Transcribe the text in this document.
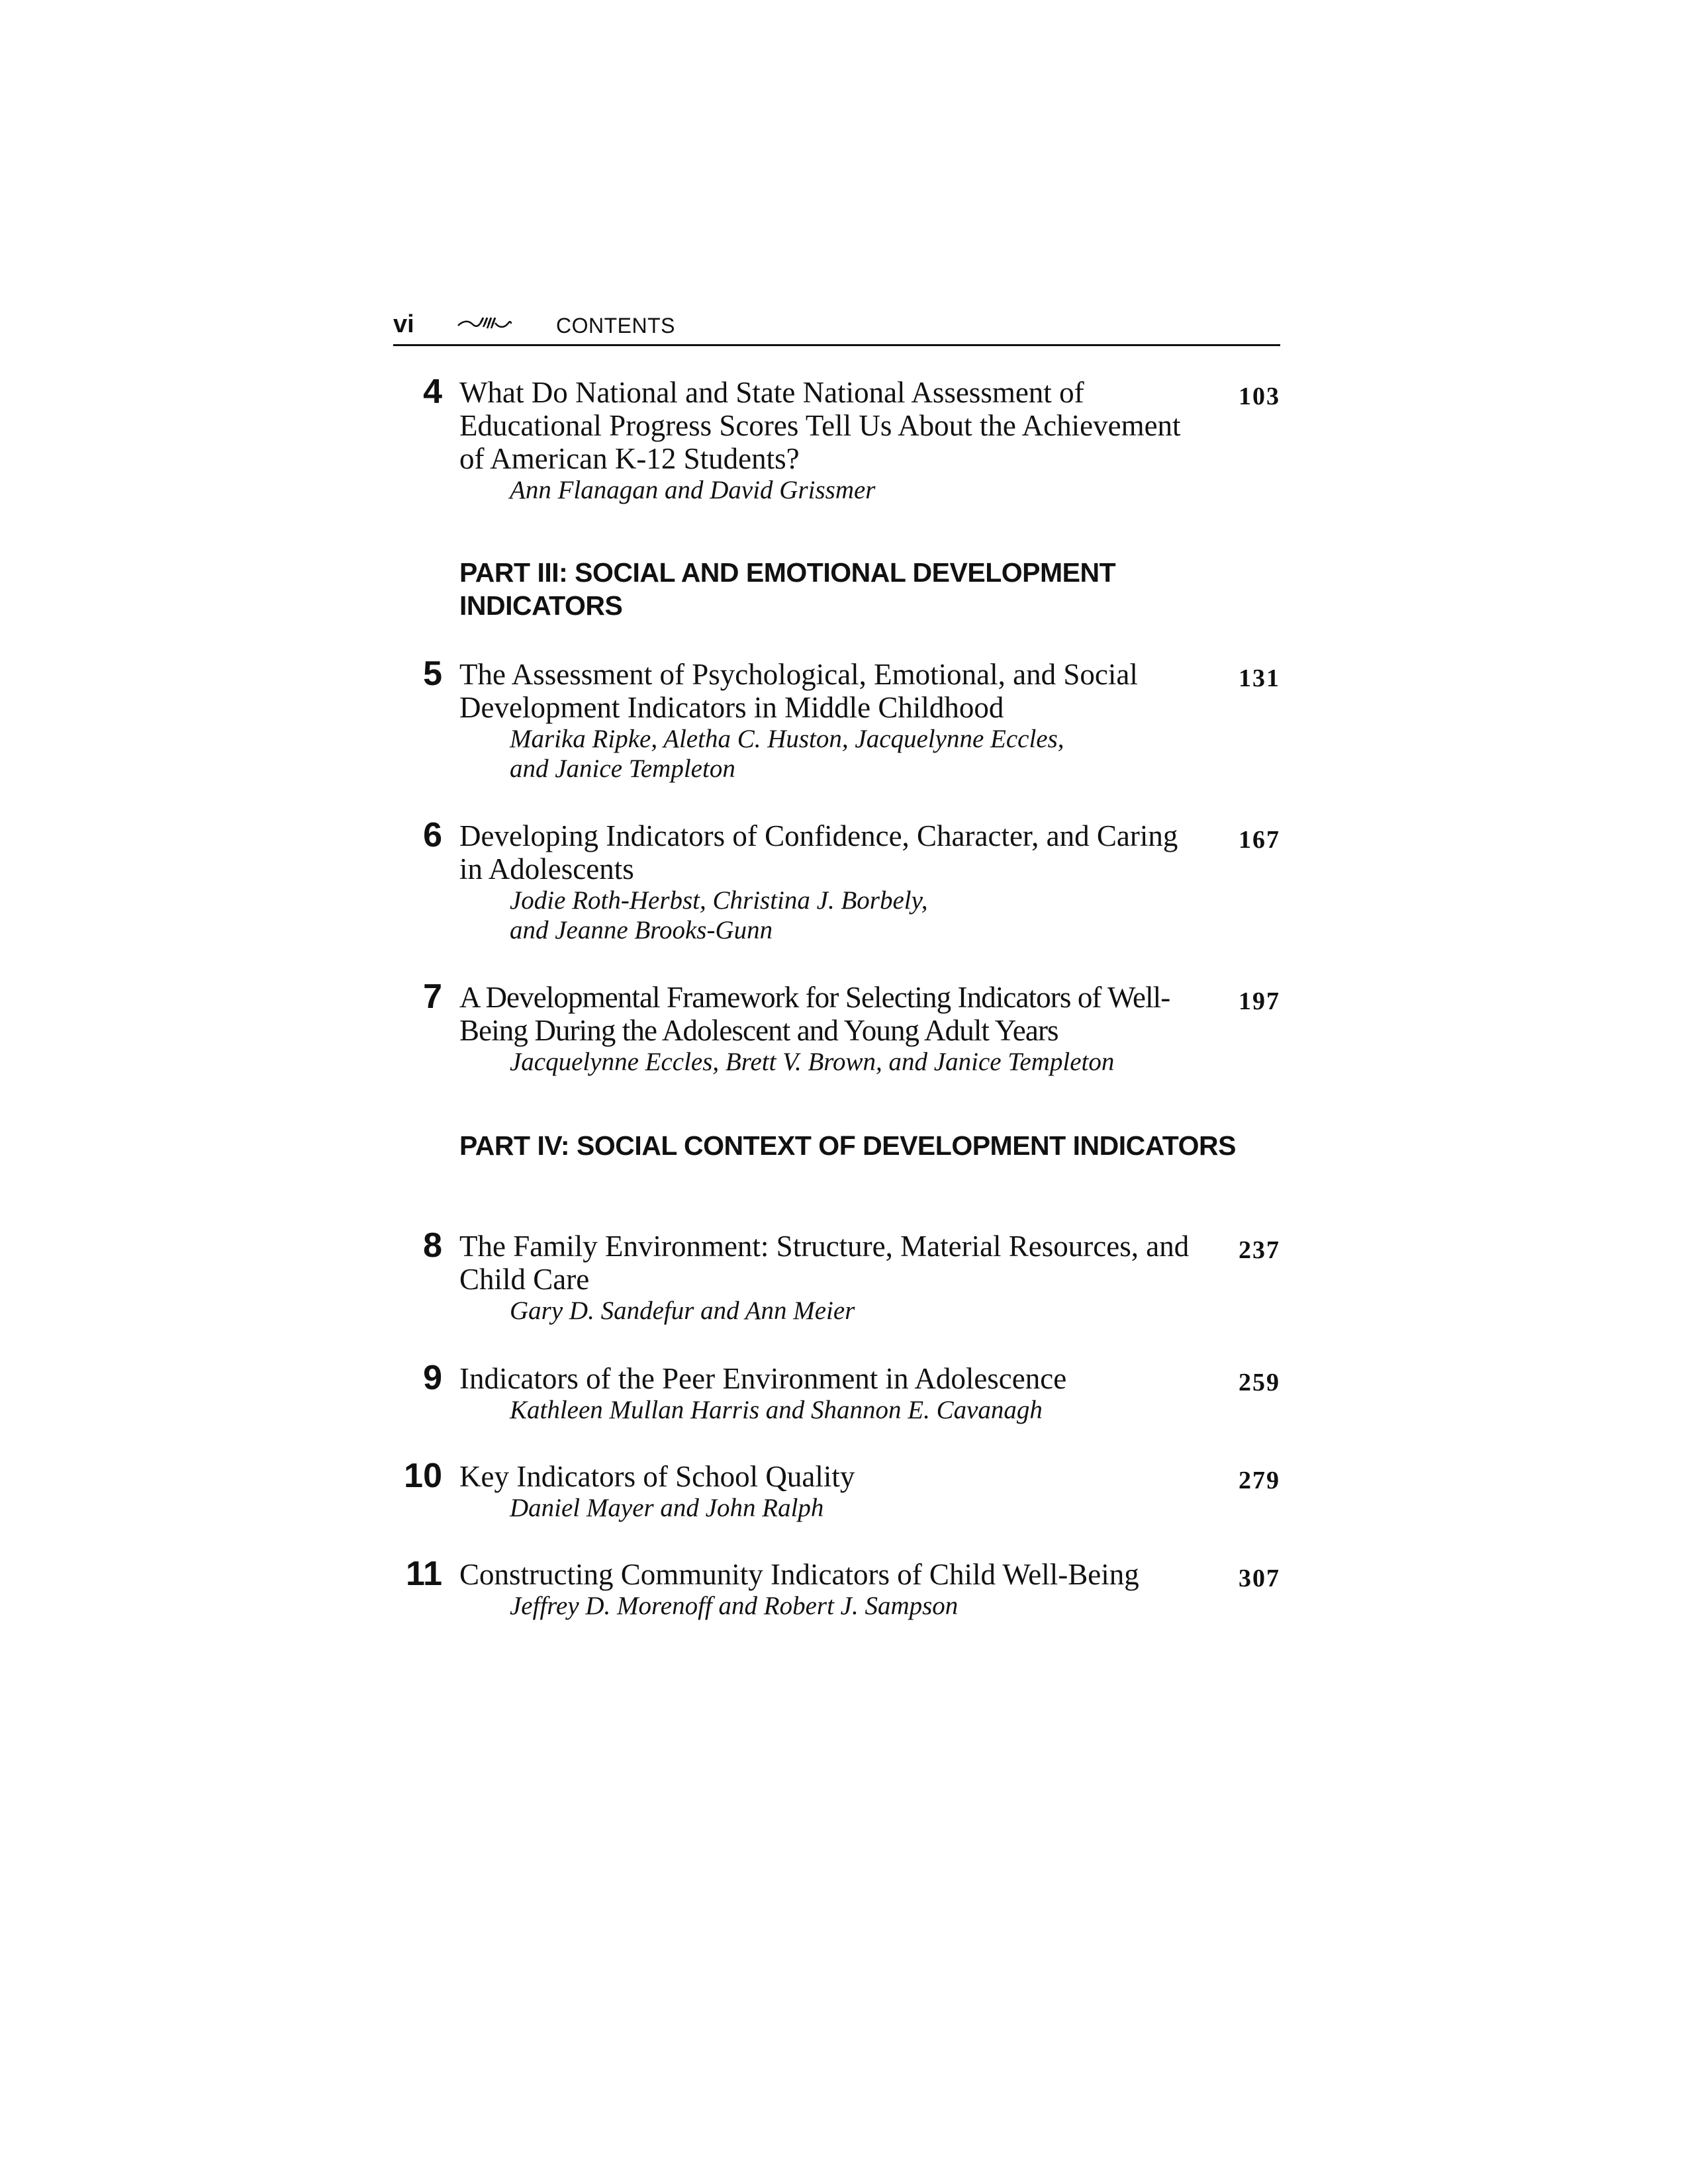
vi	CONTENTS
4 What Do National and State National Assessment of Educational Progress Scores Tell Us About the Achievement of American K-12 Students?
Ann Flanagan and David Grissmer
103
PART III: SOCIAL AND EMOTIONAL DEVELOPMENT INDICATORS
5 The Assessment of Psychological, Emotional, and Social Development Indicators in Middle Childhood
Marika Ripke, Aletha C. Huston, Jacquelynne Eccles,
and Janice Templeton
131
6 Developing Indicators of Confidence, Character, and Caring in Adolescents
Jodie Roth-Herbst, Christina J. Borbely,
and Jeanne Brooks-Gunn
167
7 A Developmental Framework for Selecting Indicators of Well-Being During the Adolescent and Young Adult Years
Jacquelynne Eccles, Brett V. Brown, and Janice Templeton
197
PART IV: SOCIAL CONTEXT OF DEVELOPMENT INDICATORS
8 The Family Environment: Structure, Material Resources, and Child Care
Gary D. Sandefur and Ann Meier
237
9 Indicators of the Peer Environment in Adolescence
Kathleen Mullan Harris and Shannon E. Cavanagh
259
10 Key Indicators of School Quality
Daniel Mayer and John Ralph
279
11 Constructing Community Indicators of Child Well-Being
Jeffrey D. Morenoff and Robert J. Sampson
307
